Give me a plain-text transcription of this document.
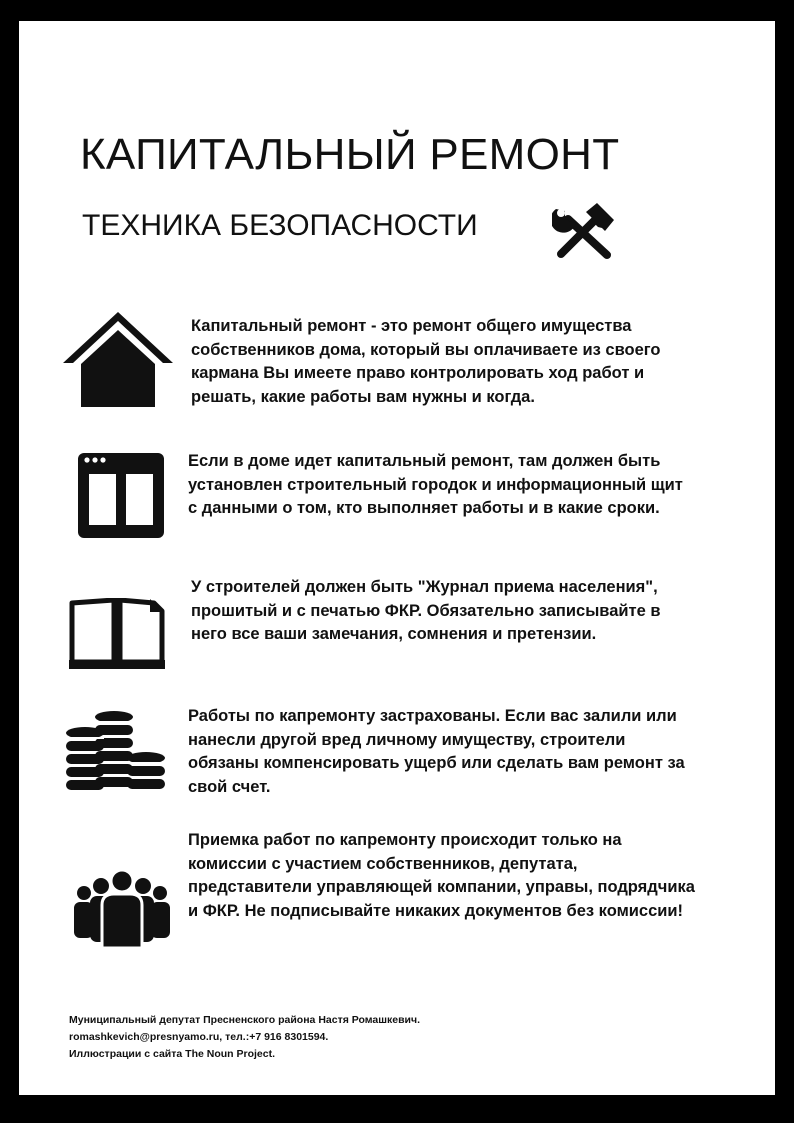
КАПИТАЛЬНЫЙ РЕМОНТ
ТЕХНИКА БЕЗОПАСНОСТИ
Капитальный ремонт - это ремонт общего имущества собственников дома, который вы оплачиваете из своего кармана Вы имеете право контролировать ход работ и решать, какие работы вам нужны и когда.
Если в доме идет капитальный ремонт, там должен быть установлен строительный городок и информационный щит с данными о том, кто выполняет работы и в какие сроки.
У строителей должен быть "Журнал приема населения", прошитый и с печатью ФКР. Обязательно записывайте в него все ваши замечания, сомнения и претензии.
Работы по капремонту застрахованы. Если вас залили или нанесли другой вред личному имуществу, строители обязаны компенсировать ущерб или сделать вам ремонт за свой счет.
Приемка работ по капремонту происходит только на комиссии с участием собственников, депутата, представители управляющей компании, управы, подрядчика и ФКР. Не подписывайте никаких документов без комиссии!
Муниципальный депутат Пресненского района Настя Ромашкевич.
romashkevich@presnyamo.ru, тел.:+7 916 8301594.
Иллюстрации с сайта The Noun Project.
